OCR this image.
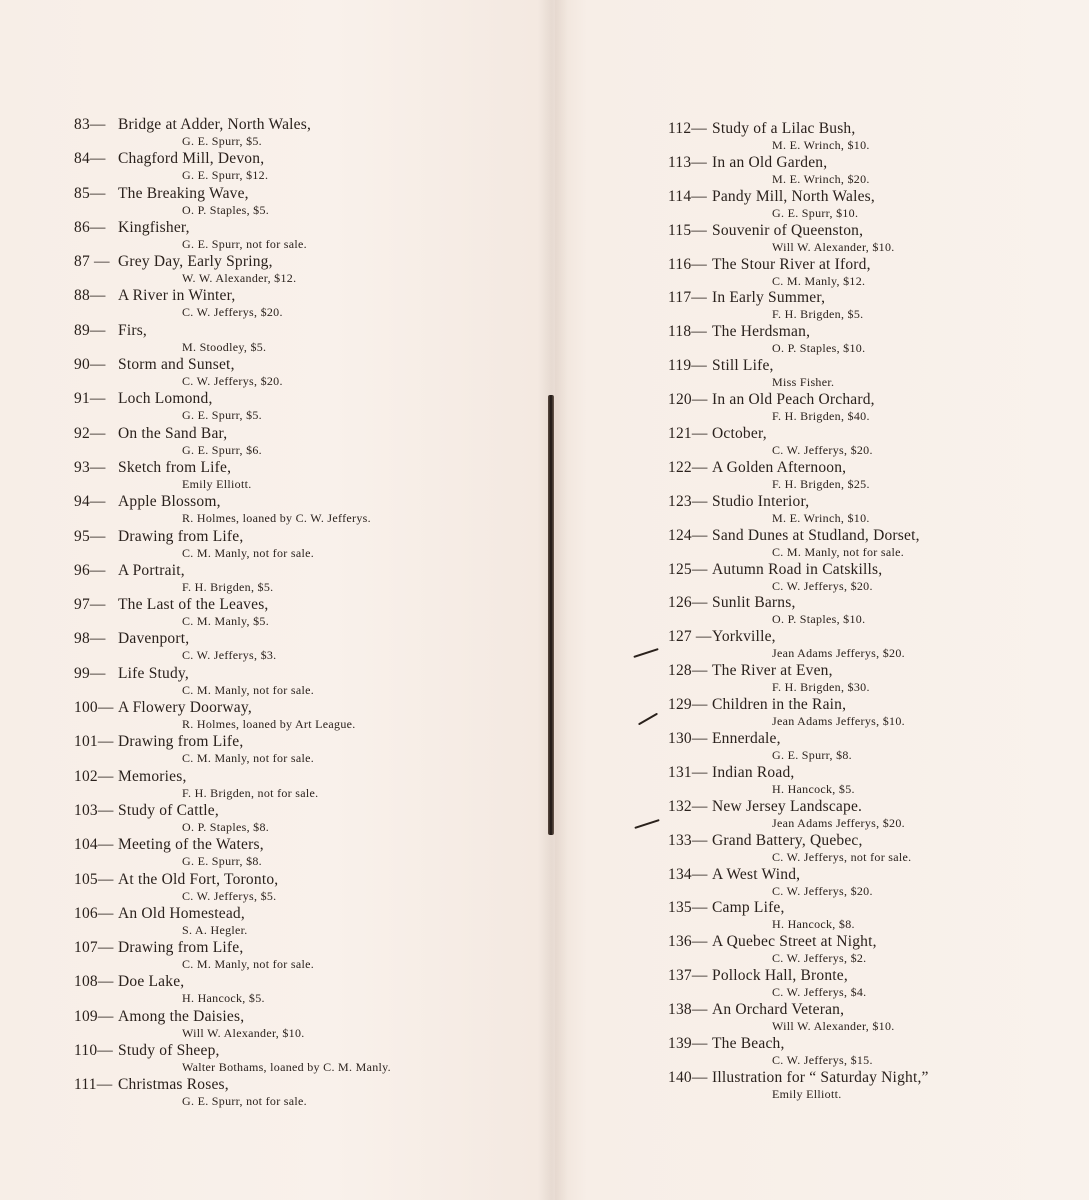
83— Bridge at Adder, North Wales,
G. E. Spurr, $5.
84— Chagford Mill, Devon,
G. E. Spurr, $12.
85— The Breaking Wave,
O. P. Staples, $5.
86— Kingfisher,
G. E. Spurr, not for sale.
87 — Grey Day, Early Spring,
W. W. Alexander, $12.
88— A River in Winter,
C. W. Jefferys, $20.
89— Firs,
M. Stoodley, $5.
90— Storm and Sunset,
C. W. Jefferys, $20.
91— Loch Lomond,
G. E. Spurr, $5.
92— On the Sand Bar,
G. E. Spurr, $6.
93— Sketch from Life,
Emily Elliott.
94— Apple Blossom,
R. Holmes, loaned by C. W. Jefferys.
95— Drawing from Life,
C. M. Manly, not for sale.
96— A Portrait,
F. H. Brigden, $5.
97— The Last of the Leaves,
C. M. Manly, $5.
98— Davenport,
C. W. Jefferys, $3.
99— Life Study,
C. M. Manly, not for sale.
100— A Flowery Doorway,
R. Holmes, loaned by Art League.
101— Drawing from Life,
C. M. Manly, not for sale.
102— Memories,
F. H. Brigden, not for sale.
103— Study of Cattle,
O. P. Staples, $8.
104— Meeting of the Waters,
G. E. Spurr, $8.
105— At the Old Fort, Toronto,
C. W. Jefferys, $5.
106— An Old Homestead,
S. A. Hegler.
107— Drawing from Life,
C. M. Manly, not for sale.
108— Doe Lake,
H. Hancock, $5.
109— Among the Daisies,
Will W. Alexander, $10.
110— Study of Sheep,
Walter Bothams, loaned by C. M. Manly.
111— Christmas Roses,
G. E. Spurr, not for sale.
112— Study of a Lilac Bush,
M. E. Wrinch, $10.
113— In an Old Garden,
M. E. Wrinch, $20.
114— Pandy Mill, North Wales,
G. E. Spurr, $10.
115— Souvenir of Queenston,
Will W. Alexander, $10.
116— The Stour River at Iford,
C. M. Manly, $12.
117— In Early Summer,
F. H. Brigden, $5.
118— The Herdsman,
O. P. Staples, $10.
119— Still Life,
Miss Fisher.
120— In an Old Peach Orchard,
F. H. Brigden, $40.
121— October,
C. W. Jefferys, $20.
122— A Golden Afternoon,
F. H. Brigden, $25.
123— Studio Interior,
M. E. Wrinch, $10.
124— Sand Dunes at Studland, Dorset,
C. M. Manly, not for sale.
125— Autumn Road in Catskills,
C. W. Jefferys, $20.
126— Sunlit Barns,
O. P. Staples, $10.
127 —Yorkville,
Jean Adams Jefferys, $20.
128— The River at Even,
F. H. Brigden, $30.
129— Children in the Rain,
Jean Adams Jefferys, $10.
130— Ennerdale,
G. E. Spurr, $8.
131— Indian Road,
H. Hancock, $5.
132— New Jersey Landscape.
Jean Adams Jefferys, $20.
133— Grand Battery, Quebec,
C. W. Jefferys, not for sale.
134— A West Wind,
C. W. Jefferys, $20.
135— Camp Life,
H. Hancock, $8.
136— A Quebec Street at Night,
C. W. Jefferys, $2.
137— Pollock Hall, Bronte,
C. W. Jefferys, $4.
138— An Orchard Veteran,
Will W. Alexander, $10.
139— The Beach,
C. W. Jefferys, $15.
140— Illustration for “ Saturday Night,”
Emily Elliott.
